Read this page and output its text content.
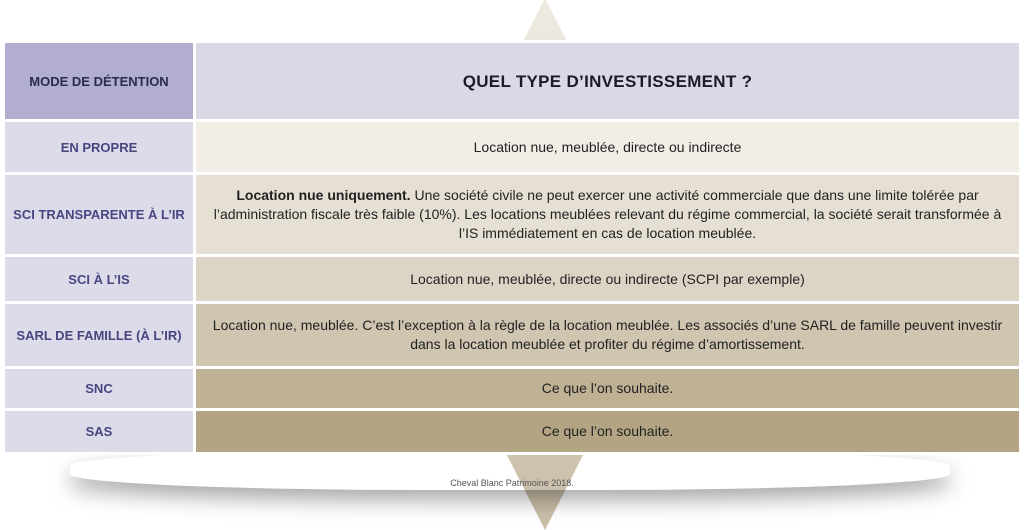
MODE DE DÉTENTION	QUEL TYPE D’INVESTISSEMENT ?
EN PROPRE	Location nue, meublée, directe ou indirecte
SCI TRANSPARENTE À L’IR	Location nue uniquement. Une société civile ne peut exercer une activité commerciale que dans une limite tolérée par l’administration fiscale très faible (10%). Les locations meublées relevant du régime commercial, la société serait transformée à l’IS immédiatement en cas de location meublée.
SCI À L’IS	Location nue, meublée, directe ou indirecte (SCPI par exemple)
SARL DE FAMILLE (À L’IR)	Location nue, meublée. C’est l’exception à la règle de la location meublée. Les associés d’une SARL de famille peuvent investir dans la location meublée et profiter du régime d’amortissement.
SNC	Ce que l’on souhaite.
SAS	Ce que l’on souhaite.
Cheval Blanc Patrimoine 2018.
